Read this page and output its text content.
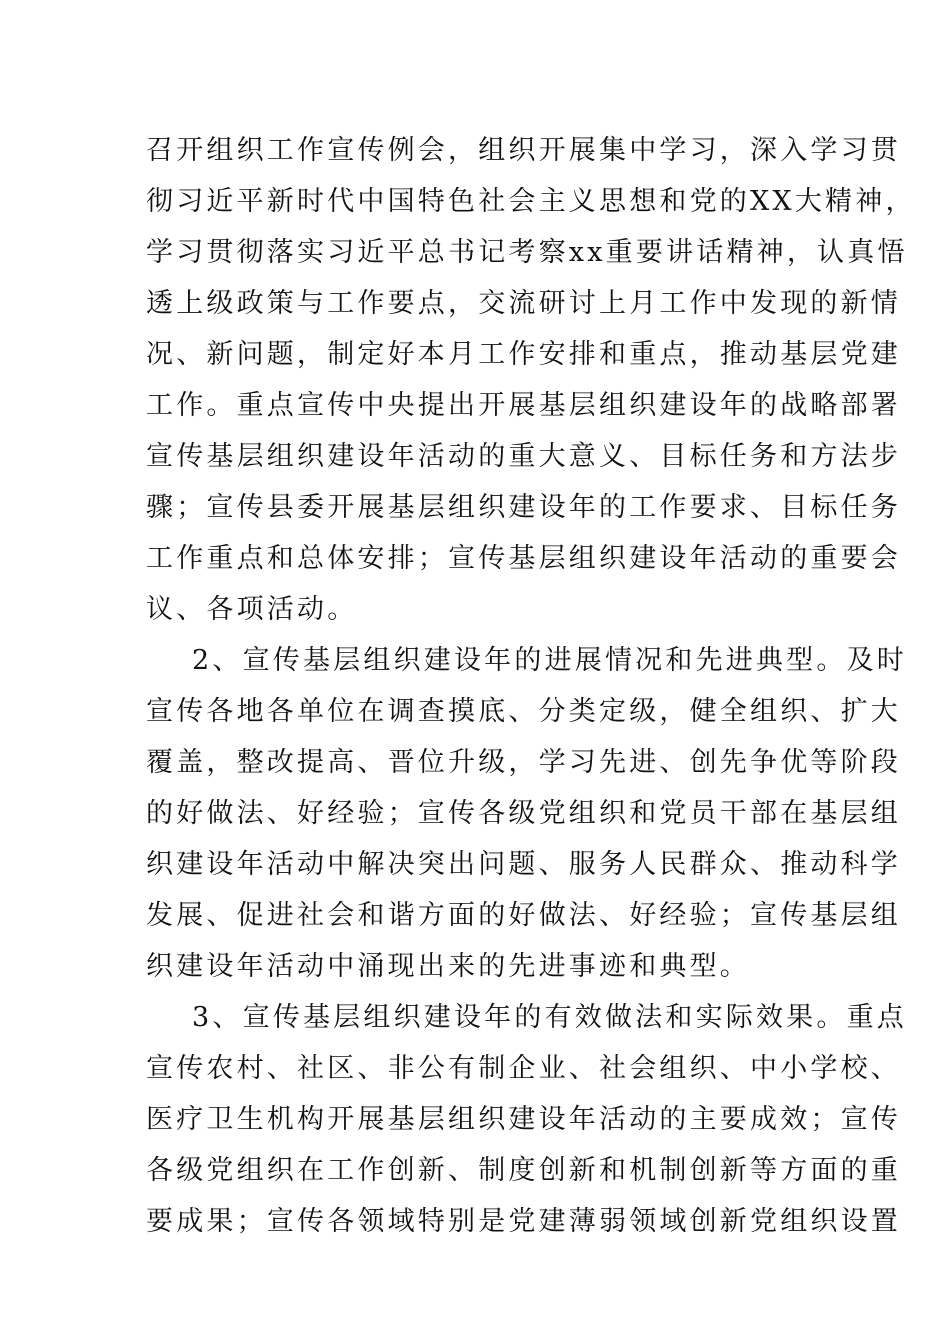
召开组织工作宣传例会，组织开展集中学习，深入学习贯
彻习近平新时代中国特色社会主义思想和党的XX大精神，
学习贯彻落实习近平总书记考察xx重要讲话精神，认真悟
透上级政策与工作要点，交流研讨上月工作中发现的新情
况、新问题，制定好本月工作安排和重点，推动基层党建
工作。重点宣传中央提出开展基层组织建设年的战略部署
宣传基层组织建设年活动的重大意义、目标任务和方法步
骤；宣传县委开展基层组织建设年的工作要求、目标任务
工作重点和总体安排；宣传基层组织建设年活动的重要会
议、各项活动。
2、宣传基层组织建设年的进展情况和先进典型。及时
宣传各地各单位在调查摸底、分类定级，健全组织、扩大
覆盖，整改提高、晋位升级，学习先进、创先争优等阶段
的好做法、好经验；宣传各级党组织和党员干部在基层组
织建设年活动中解决突出问题、服务人民群众、推动科学
发展、促进社会和谐方面的好做法、好经验；宣传基层组
织建设年活动中涌现出来的先进事迹和典型。
3、宣传基层组织建设年的有效做法和实际效果。重点
宣传农村、社区、非公有制企业、社会组织、中小学校、
医疗卫生机构开展基层组织建设年活动的主要成效；宣传
各级党组织在工作创新、制度创新和机制创新等方面的重
要成果；宣传各领域特别是党建薄弱领域创新党组织设置
